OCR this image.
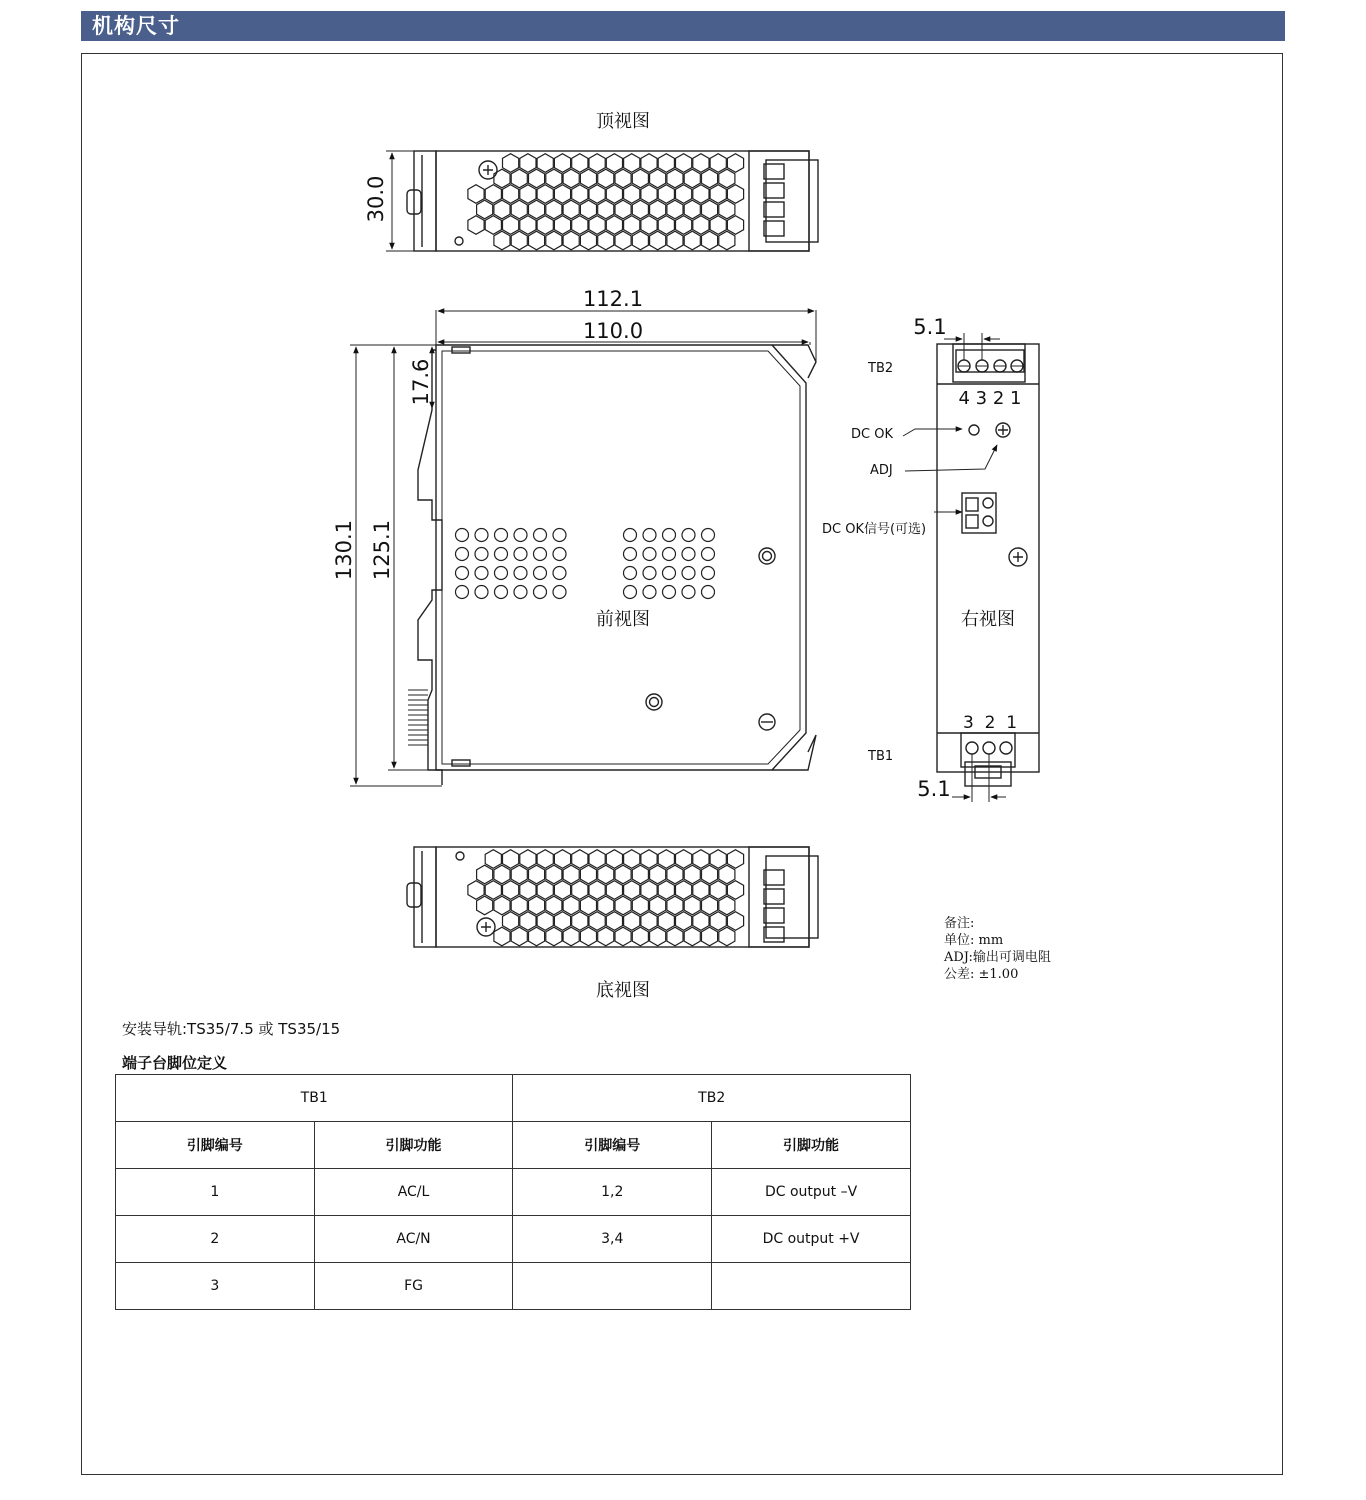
机构尺寸
顶视图
30.0
前视图
112.1
110.0
130.1 125.1
17.6	4 3 2 1
右视图
3  2  1
TB2
TB1
DC OK
ADJ
DC OK信号(可选)
5.1
5.1
底视图
备注:
单位: mm
ADJ:输出可调电阻
公差: ±1.00
安装导轨:TS35/7.5 或 TS35/15
端子台脚位定义
TB1		TB2	
引脚编号	引脚功能	引脚编号	引脚功能
1	AC/L	1,2	DC output –V
2	AC/N	3,4	DC output +V
3	FG		
